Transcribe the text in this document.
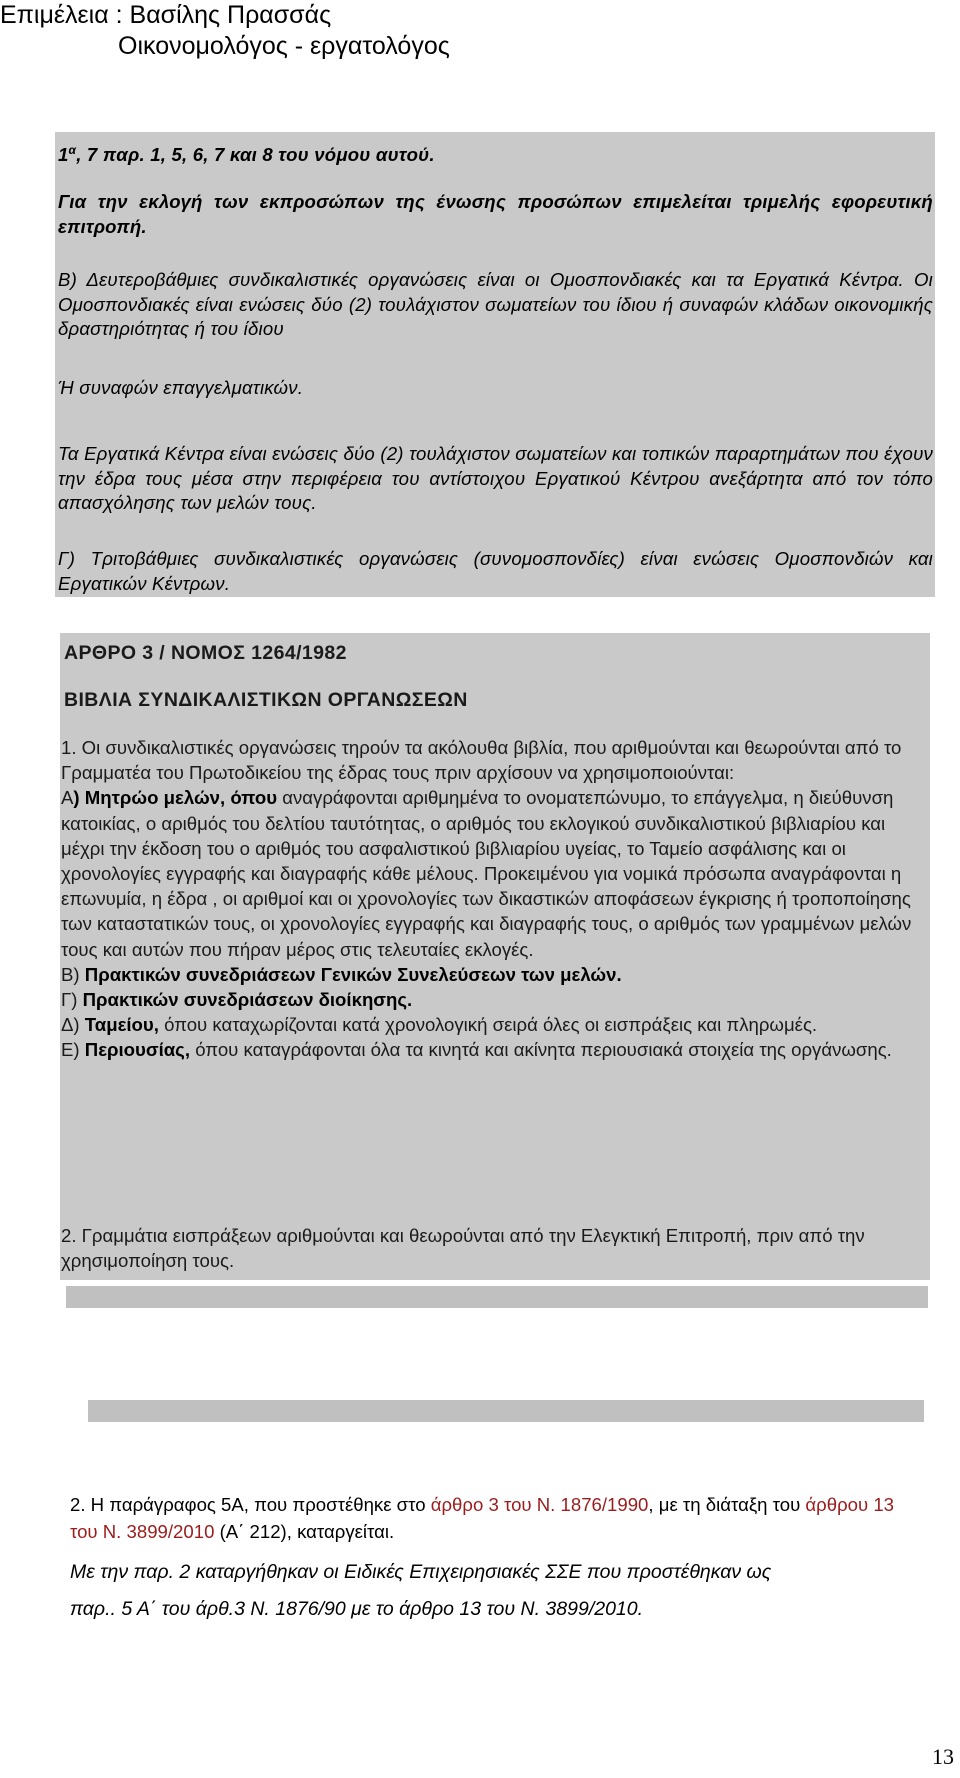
Επιμέλεια : Βασίλης Πρασσάς
Οικονομολόγος - εργατολόγος

$1^\alpha$, 7 παρ. 1, 5, 6, 7 και 8 του νόμου αυτού.

Για την εκλογή των εκπροσώπων της ένωσης προσώπων επιμελείται τριμελής εφορευτική επιτροπή.

Β) Δευτεροβάθμιες συνδικαλιστικές οργανώσεις είναι οι Ομοσπονδιακές και τα Εργατικά Κέντρα. Οι Ομοσπονδιακές είναι ενώσεις δύο (2) τουλάχιστον σωματείων του ίδιου ή συναφών κλάδων οικονομικής δραστηριότητας ή του ίδιου

Ή συναφών επαγγελματικών.

Τα Εργατικά Κέντρα είναι ενώσεις δύο (2) τουλάχιστον σωματείων και τοπικών παραρτημάτων που έχουν την έδρα τους μέσα στην περιφέρεια του αντίστοιχου Εργατικού Κέντρου ανεξάρτητα από τον τόπο απασχόλησης των μελών τους.

Γ) Τριτοβάθμιες συνδικαλιστικές οργανώσεις (συνομοσπονδίες) είναι ενώσεις Ομοσπονδιών και Εργατικών Κέντρων.

ΑΡΘΡΟ 3 / ΝΟΜΟΣ 1264/1982
ΒΙΒΛΙΑ ΣΥΝΔΙΚΑΛΙΣΤΙΚΩΝ ΟΡΓΑΝΩΣΕΩΝ
1. Οι συνδικαλιστικές οργανώσεις τηρούν τα ακόλουθα βιβλία, που αριθμούνται και θεωρούνται από το Γραμματέα του Πρωτοδικείου της έδρας τους πριν αρχίσουν να χρησιμοποιούνται:
Α) Μητρώο μελών, όπου αναγράφονται αριθμημένα το ονοματεπώνυμο, το επάγγελμα, η διεύθυνση κατοικίας, ο αριθμός του δελτίου ταυτότητας, ο αριθμός του εκλογικού συνδικαλιστικού βιβλιαρίου και μέχρι την έκδοση του ο αριθμός του ασφαλιστικού βιβλιαρίου υγείας, το Ταμείο ασφάλισης και οι χρονολογίες εγγραφής και διαγραφής κάθε μέλους. Προκειμένου για νομικά πρόσωπα αναγράφονται η επωνυμία, η έδρα , οι αριθμοί και οι χρονολογίες των δικαστικών αποφάσεων έγκρισης ή τροποποίησης των καταστατικών τους, οι χρονολογίες εγγραφής και διαγραφής τους, ο αριθμός των γραμμένων μελών τους και αυτών που πήραν μέρος στις τελευταίες εκλογές.
Β) Πρακτικών συνεδριάσεων Γενικών Συνελεύσεων των μελών.
Γ) Πρακτικών συνεδριάσεων διοίκησης.
Δ) Ταμείου, όπου καταχωρίζονται κατά χρονολογική σειρά όλες οι εισπράξεις και πληρωμές.
Ε) Περιουσίας, όπου καταγράφονται όλα τα κινητά και ακίνητα περιουσιακά στοιχεία της οργάνωσης.
2. Γραμμάτια εισπράξεων αριθμούνται και θεωρούνται από την Ελεγκτική Επιτροπή, πριν από την χρησιμοποίηση τους.

2. Η παράγραφος 5Α, που προστέθηκε στο άρθρο 3 του Ν. 1876/1990, με τη διάταξη του άρθρου 13 του Ν. 3899/2010 (Α΄ 212), καταργείται.

Με την παρ. 2 καταργήθηκαν οι Ειδικές Επιχειρησιακές ΣΣΕ που προστέθηκαν ως
παρ.. 5 Α΄ του άρθ.3 Ν. 1876/90 με το άρθρο 13 του Ν. 3899/2010.

13
